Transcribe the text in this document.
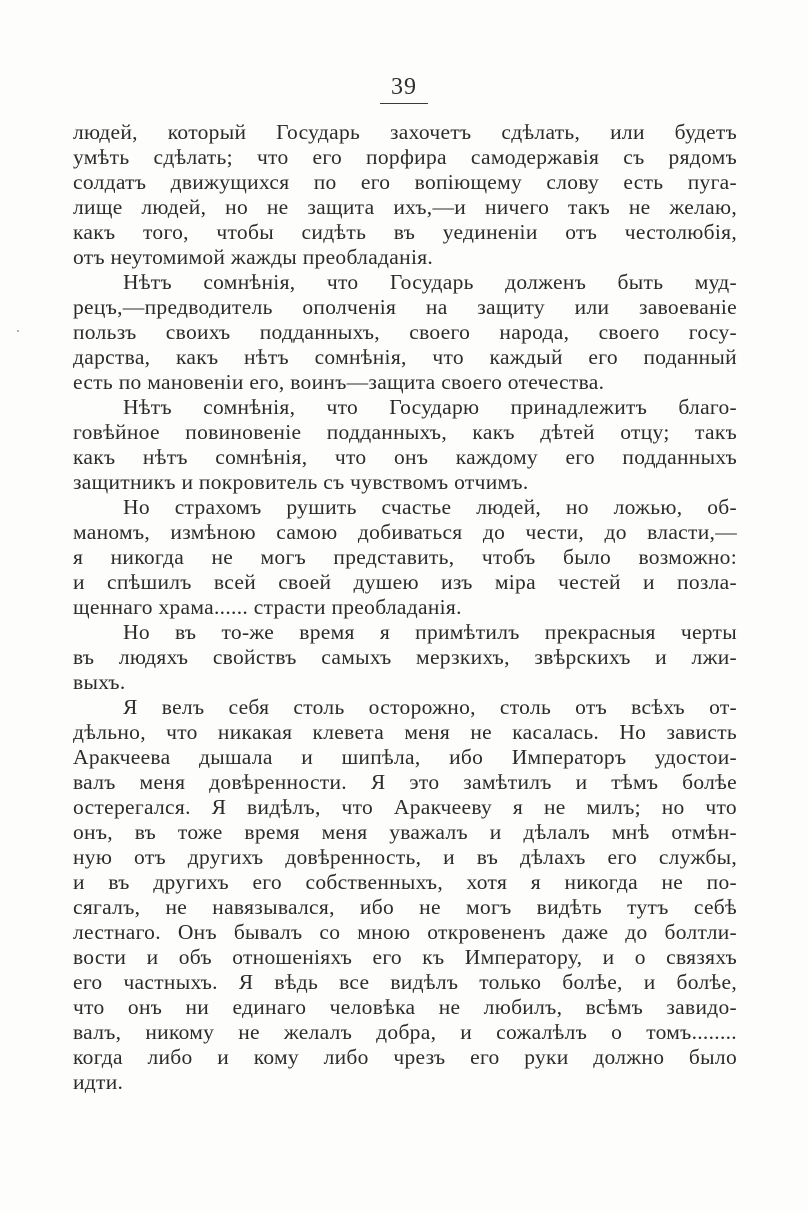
39
людей, который Государь захочетъ сдѣлать, или будетъ
умѣть сдѣлать; что его порфира самодержавія съ рядомъ
солдатъ движущихся по его вопіющему слову есть пуга-
лище людей, но не защита ихъ,—и ничего такъ не желаю,
какъ того, чтобы сидѣть въ уединеніи отъ честолюбія,
отъ неутомимой жажды преобладанія.
Нѣтъ сомнѣнія, что Государь долженъ быть муд-
рецъ,—предводитель ополченія на защиту или завоеваніе
пользъ своихъ подданныхъ, своего народа, своего госу-
дарства, какъ нѣтъ сомнѣнія, что каждый его поданный
есть по мановеніи его, воинъ—защита своего отечества.
Нѣтъ сомнѣнія, что Государю принадлежитъ благо-
говѣйное повиновеніе подданныхъ, какъ дѣтей отцу; такъ
какъ нѣтъ сомнѣнія, что онъ каждому его подданныхъ
защитникъ и покровитель съ чувствомъ отчимъ.
Но страхомъ рушить счастье людей, но ложью, об-
маномъ, измѣною самою добиваться до чести, до власти,—
я никогда не могъ представить, чтобъ было возможно:
и спѣшилъ всей своей душею изъ міра честей и позла-
щеннаго храма...... страсти преобладанія.
Но въ то-же время я примѣтилъ прекрасныя черты
въ людяхъ свойствъ самыхъ мерзкихъ, звѣрскихъ и лжи-
выхъ.
Я велъ себя столь осторожно, столь отъ всѣхъ от-
дѣльно, что никакая клевета меня не касалась. Но зависть
Аракчеева дышала и шипѣла, ибо Императоръ удостои-
валъ меня довѣренности. Я это замѣтилъ и тѣмъ болѣе
остерегался. Я видѣлъ, что Аракчееву я не милъ; но что
онъ, въ тоже время меня уважалъ и дѣлалъ мнѣ отмѣн-
ную отъ другихъ довѣренность, и въ дѣлахъ его службы,
и въ другихъ его собственныхъ, хотя я никогда не по-
сягалъ, не навязывался, ибо не могъ видѣть тутъ себѣ
лестнаго. Онъ бывалъ со мною откровененъ даже до болтли-
вости и объ отношеніяхъ его къ Императору, и о связяхъ
его частныхъ. Я вѣдь все видѣлъ только болѣе, и болѣе,
что онъ ни единаго человѣка не любилъ, всѣмъ завидо-
валъ, никому не желалъ добра, и сожалѣлъ о томъ........
когда либо и кому либо чрезъ его руки должно было
идти.
